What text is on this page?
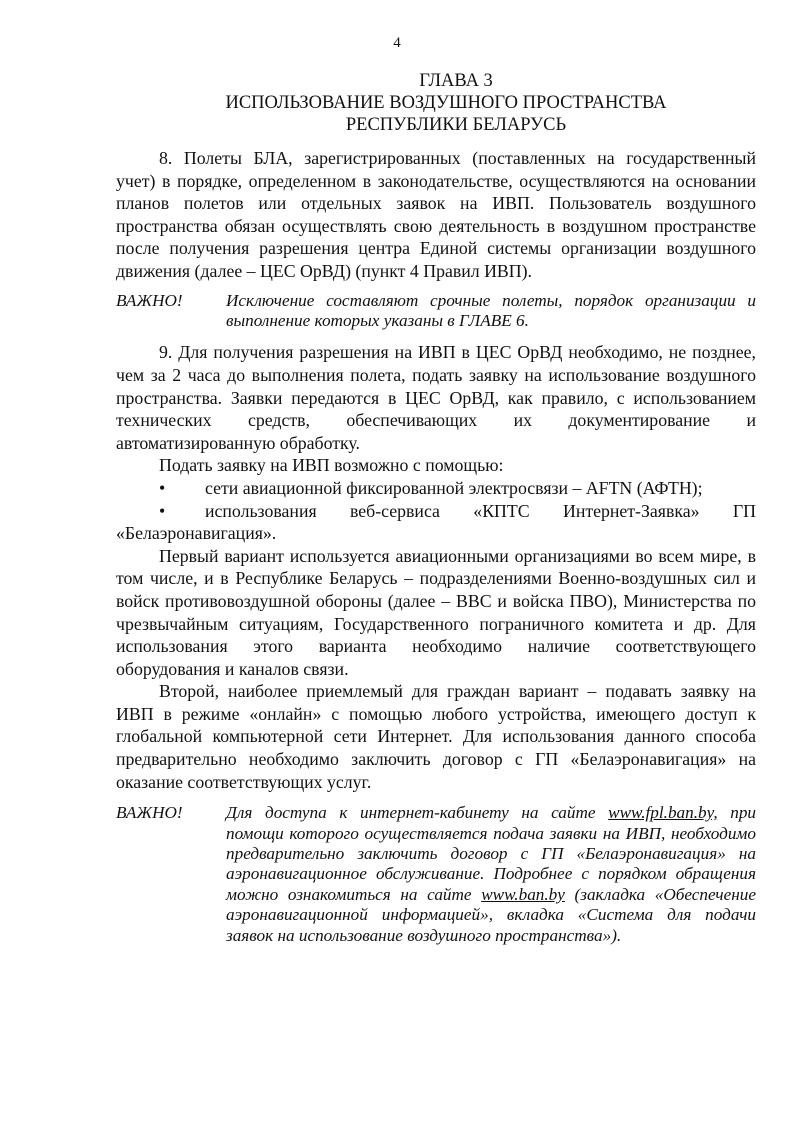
4
ГЛАВА 3
ИСПОЛЬЗОВАНИЕ ВОЗДУШНОГО ПРОСТРАНСТВА
РЕСПУБЛИКИ БЕЛАРУСЬ

8. Полеты БЛА, зарегистрированных (поставленных на государственный учет) в порядке, определенном в законодательстве, осуществляются на основании планов полетов или отдельных заявок на ИВП. Пользователь воздушного пространства обязан осуществлять свою деятельность в воздушном пространстве после получения разрешения центра Единой системы организации воздушного движения (далее – ЦЕС ОрВД) (пункт 4 Правил ИВП).

ВАЖНО!	Исключение составляют срочные полеты, порядок организации и выполнение которых указаны в ГЛАВЕ 6.

9. Для получения разрешения на ИВП в ЦЕС ОрВД необходимо, не позднее, чем за 2 часа до выполнения полета, подать заявку на использование воздушного пространства. Заявки передаются в ЦЕС ОрВД, как правило, с использованием технических средств, обеспечивающих их документирование и автоматизированную обработку.

Подать заявку на ИВП возможно с помощью:

• сети авиационной фиксированной электросвязи – AFTN (АФТН);

• использования веб-сервиса «КПТС Интернет-Заявка» ГП «Белаэронавигация».

Первый вариант используется авиационными организациями во всем мире, в том числе, и в Республике Беларусь – подразделениями Военно-воздушных сил и войск противовоздушной обороны (далее – ВВС и войска ПВО), Министерства по чрезвычайным ситуациям, Государственного пограничного комитета и др. Для использования этого варианта необходимо наличие соответствующего оборудования и каналов связи.

Второй, наиболее приемлемый для граждан вариант – подавать заявку на ИВП в режиме «онлайн» с помощью любого устройства, имеющего доступ к глобальной компьютерной сети Интернет. Для использования данного способа предварительно необходимо заключить договор с ГП «Белаэронавигация» на оказание соответствующих услуг.

ВАЖНО!	Для доступа к интернет-кабинету на сайте www.fpl.ban.by, при помощи которого осуществляется подача заявки на ИВП, необходимо предварительно заключить договор с ГП «Белаэронавигация» на аэронавигационное обслуживание. Подробнее с порядком обращения можно ознакомиться на сайте www.ban.by (закладка «Обеспечение аэронавигационной информацией», вкладка «Система для подачи заявок на использование воздушного пространства»).
